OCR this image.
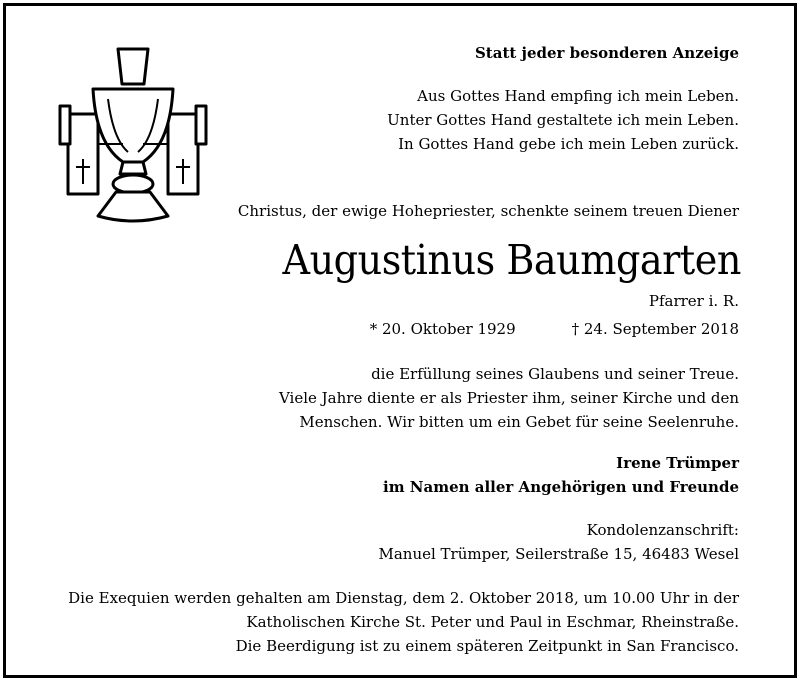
Statt jeder besonderen Anzeige
Aus Gottes Hand empfing ich mein Leben.
Unter Gottes Hand gestaltete ich mein Leben.
In Gottes Hand gebe ich mein Leben zurück.
Christus, der ewige Hohepriester, schenkte seinem treuen Diener
Augustinus Baumgarten
Pfarrer i. R.
* 20. Oktober 1929	† 24. September 2018
die Erfüllung seines Glaubens und seiner Treue.
Viele Jahre diente er als Priester ihm, seiner Kirche und den
Menschen. Wir bitten um ein Gebet für seine Seelenruhe.
Irene Trümper
im Namen aller Angehörigen und Freunde
Kondolenzanschrift:
Manuel Trümper, Seilerstraße 15, 46483 Wesel
Die Exequien werden gehalten am Dienstag, dem 2. Oktober 2018, um 10.00 Uhr in der
Katholischen Kirche St. Peter und Paul in Eschmar, Rheinstraße.
Die Beerdigung ist zu einem späteren Zeitpunkt in San Francisco.
